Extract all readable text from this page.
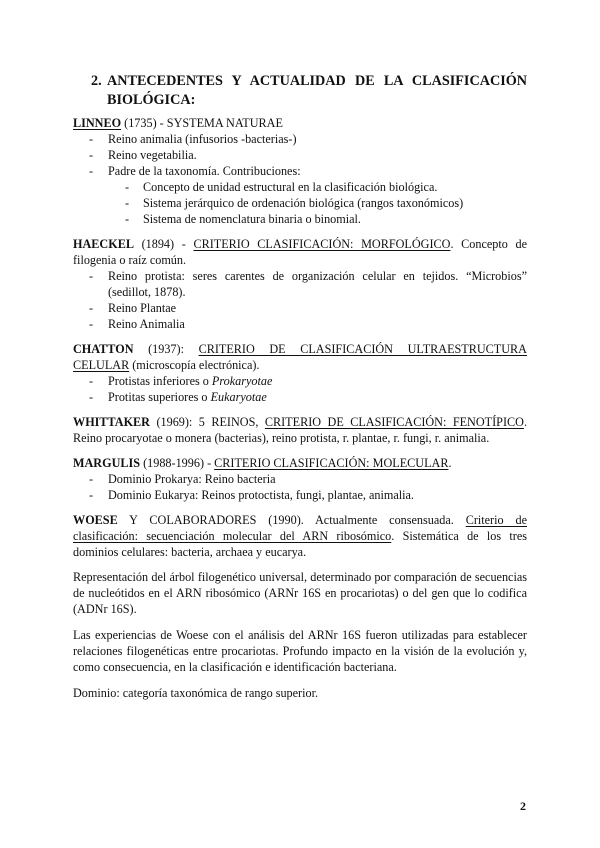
2. ANTECEDENTES Y ACTUALIDAD DE LA CLASIFICACIÓN BIOLÓGICA:

LINNEO (1735) - SYSTEMA NATURAE

- Reino animalia (infusorios -bacterias-)
- Reino vegetabilia.
- Padre de la taxonomía. Contribuciones:
- Concepto de unidad estructural en la clasificación biológica.
- Sistema jerárquico de ordenación biológica (rangos taxonómicos)
- Sistema de nomenclatura binaria o binomial.

HAECKEL (1894) - CRITERIO CLASIFICACIÓN: MORFOLÓGICO. Concepto de filogenia o raíz común.

- Reino protista: seres carentes de organización celular en tejidos. “Microbios” (sedillot, 1878).
- Reino Plantae
- Reino Animalia

CHATTON (1937): CRITERIO DE CLASIFICACIÓN ULTRAESTRUCTURA CELULAR (microscopía electrónica).

- Protistas inferiores o Prokaryotae
- Protitas superiores o Eukaryotae

WHITTAKER (1969): 5 REINOS, CRITERIO DE CLASIFICACIÓN: FENOTÍPICO. Reino procaryotae o monera (bacterias), reino protista, r. plantae, r. fungi, r. animalia.

MARGULIS (1988-1996) - CRITERIO CLASIFICACIÓN: MOLECULAR.

- Dominio Prokarya: Reino bacteria
- Dominio Eukarya: Reinos protoctista, fungi, plantae, animalia.

WOESE Y COLABORADORES (1990). Actualmente consensuada. Criterio de clasificación: secuenciación molecular del ARN ribosómico. Sistemática de los tres dominios celulares: bacteria, archaea y eucarya.

Representación del árbol filogenético universal, determinado por comparación de secuencias de nucleótidos en el ARN ribosómico (ARNr 16S en procariotas) o del gen que lo codifica (ADNr 16S).

Las experiencias de Woese con el análisis del ARNr 16S fueron utilizadas para establecer relaciones filogenéticas entre procariotas. Profundo impacto en la visión de la evolución y, como consecuencia, en la clasificación e identificación bacteriana.

Dominio: categoría taxonómica de rango superior.

2
